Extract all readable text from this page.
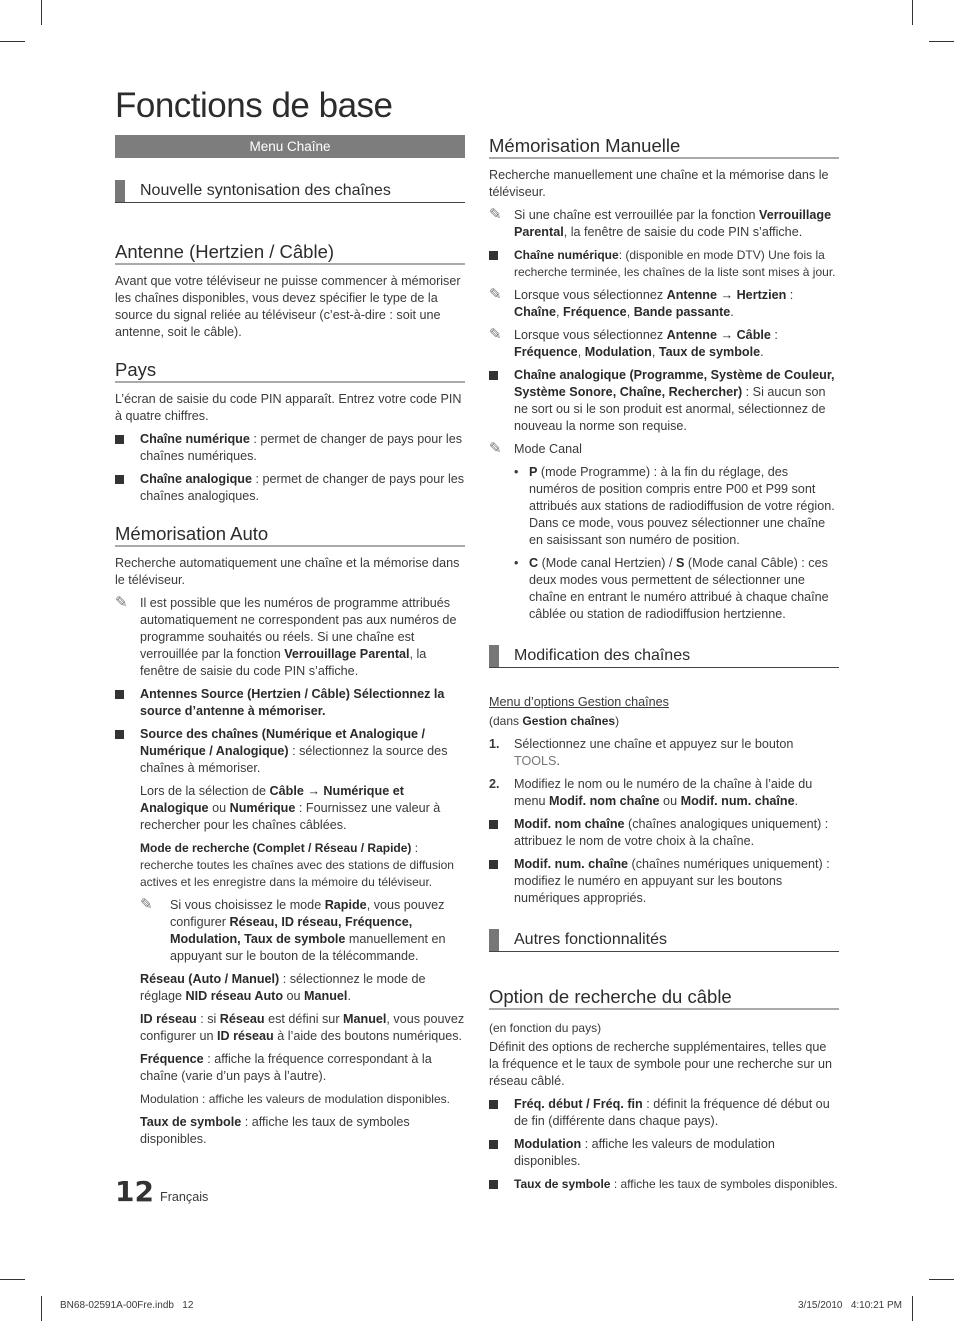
Fonctions de base
Menu Chaîne
Nouvelle syntonisation des chaînes
Antenne (Hertzien / Câble)

Avant que votre téléviseur ne puisse commencer à mémoriser les chaînes disponibles, vous devez spécifier le type de la source du signal reliée au téléviseur (c’est-à-dire : soit une antenne, soit le câble).

Pays

L’écran de saisie du code PIN apparaît. Entrez votre code PIN à quatre chiffres.

Chaîne numérique : permet de changer de pays pour les chaînes numériques.
Chaîne analogique : permet de changer de pays pour les chaînes analogiques.
Mémorisation Auto

Recherche automatiquement une chaîne et la mémorise dans le téléviseur.

✎ Il est possible que les numéros de programme attribués automatiquement ne correspondent pas aux numéros de programme souhaités ou réels. Si une chaîne est verrouillée par la fonction Verrouillage Parental, la fenêtre de saisie du code PIN s’affiche.
Antennes Source (Hertzien / Câble) Sélectionnez la source d’antenne à mémoriser.
Source des chaînes (Numérique et Analogique / Numérique / Analogique) : sélectionnez la source des chaînes à mémoriser.
Lors de la sélection de Câble → Numérique et Analogique ou Numérique : Fournissez une valeur à rechercher pour les chaînes câblées.
Mode de recherche (Complet / Réseau / Rapide) : recherche toutes les chaînes avec des stations de diffusion actives et les enregistre dans la mémoire du téléviseur.
✎ Si vous choisissez le mode Rapide, vous pouvez configurer Réseau, ID réseau, Fréquence, Modulation, Taux de symbole manuellement en appuyant sur le bouton de la télécommande.
Réseau (Auto / Manuel) : sélectionnez le mode de réglage NID réseau Auto ou Manuel.
ID réseau : si Réseau est défini sur Manuel, vous pouvez configurer un ID réseau à l’aide des boutons numériques.
Fréquence : affiche la fréquence correspondant à la chaîne (varie d’un pays à l’autre).
Modulation : affiche les valeurs de modulation disponibles.
Taux de symbole : affiche les taux de symboles disponibles.
Mémorisation Manuelle

Recherche manuellement une chaîne et la mémorise dans le téléviseur.

✎ Si une chaîne est verrouillée par la fonction Verrouillage Parental, la fenêtre de saisie du code PIN s’affiche.
Chaîne numérique: (disponible en mode DTV) Une fois la recherche terminée, les chaînes de la liste sont mises à jour.
✎ Lorsque vous sélectionnez Antenne → Hertzien : Chaîne, Fréquence, Bande passante.
✎ Lorsque vous sélectionnez Antenne → Câble : Fréquence, Modulation, Taux de symbole.
Chaîne analogique (Programme, Système de Couleur, Système Sonore, Chaîne, Rechercher) : Si aucun son ne sort ou si le son produit est anormal, sélectionnez de nouveau la norme son requise.
✎ Mode Canal
• P (mode Programme) : à la fin du réglage, des numéros de position compris entre P00 et P99 sont attribués aux stations de radiodiffusion de votre région. Dans ce mode, vous pouvez sélectionner une chaîne en saisissant son numéro de position.
• C (Mode canal Hertzien) / S (Mode canal Câble) : ces deux modes vous permettent de sélectionner une chaîne en entrant le numéro attribué à chaque chaîne câblée ou station de radiodiffusion hertzienne.
Modification des chaînes
Menu d’options Gestion chaînes

(dans Gestion chaînes)

1. Sélectionnez une chaîne et appuyez sur le bouton TOOLS.
2. Modifiez le nom ou le numéro de la chaîne à l’aide du menu Modif. nom chaîne ou Modif. num. chaîne.
Modif. nom chaîne (chaînes analogiques uniquement) : attribuez le nom de votre choix à la chaîne.
Modif. num. chaîne (chaînes numériques uniquement) : modifiez le numéro en appuyant sur les boutons numériques appropriés.
Autres fonctionnalités
Option de recherche du câble

(en fonction du pays)

Définit des options de recherche supplémentaires, telles que la fréquence et le taux de symbole pour une recherche sur un réseau câblé.

Fréq. début / Fréq. fin : définit la fréquence dé début ou de fin (différente dans chaque pays).
Modulation : affiche les valeurs de modulation disponibles.
Taux de symbole : affiche les taux de symboles disponibles.
12 Français
BN68-02591A-00Fre.indb   12	3/15/2010   4:10:21 PM
